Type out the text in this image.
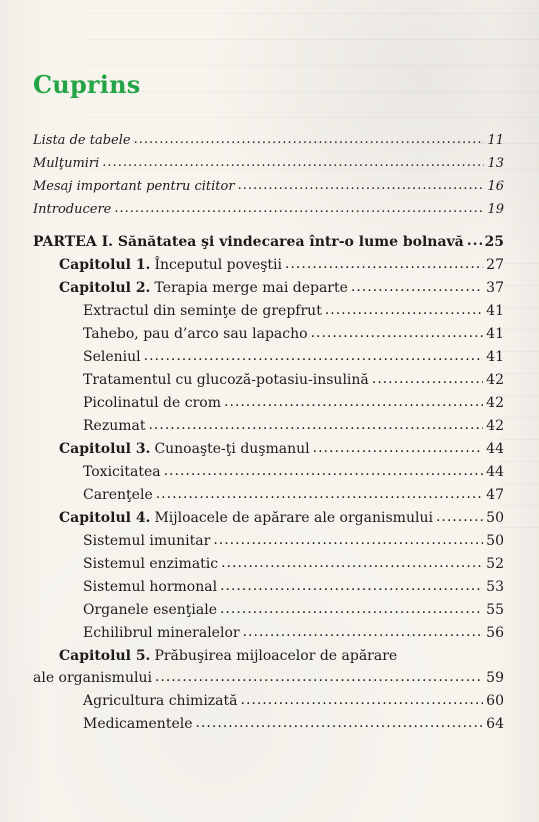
Cuprins
Lista de tabele .....	11
Mulţumiri .....	13
Mesaj important pentru cititor .....	16
Introducere .....	19
PARTEA I. Sănătatea şi vindecarea într-o lume bolnavă ..... 25
Capitolul 1. Începutul poveştii .....	27
Capitolul 2. Terapia merge mai departe .....	37
Extractul din seminţe de grepfrut .....	41
Tahebo, pau d’arco sau lapacho .....	41
Seleniul .....	41
Tratamentul cu glucoză-potasiu-insulină .....	42
Picolinatul de crom .....	42
Rezumat .....	42
Capitolul 3. Cunoaşte-ţi duşmanul .....	44
Toxicitatea .....	44
Carenţele .....	47
Capitolul 4. Mijloacele de apărare ale organismului .....	50
Sistemul imunitar .....	50
Sistemul enzimatic .....	52
Sistemul hormonal .....	53
Organele esenţiale .....	55
Echilibrul mineralelor .....	56
Capitolul 5. Prăbuşirea mijloacelor de apărare
ale organismului .....	59
Agricultura chimizată .....	60
Medicamentele .....	64
